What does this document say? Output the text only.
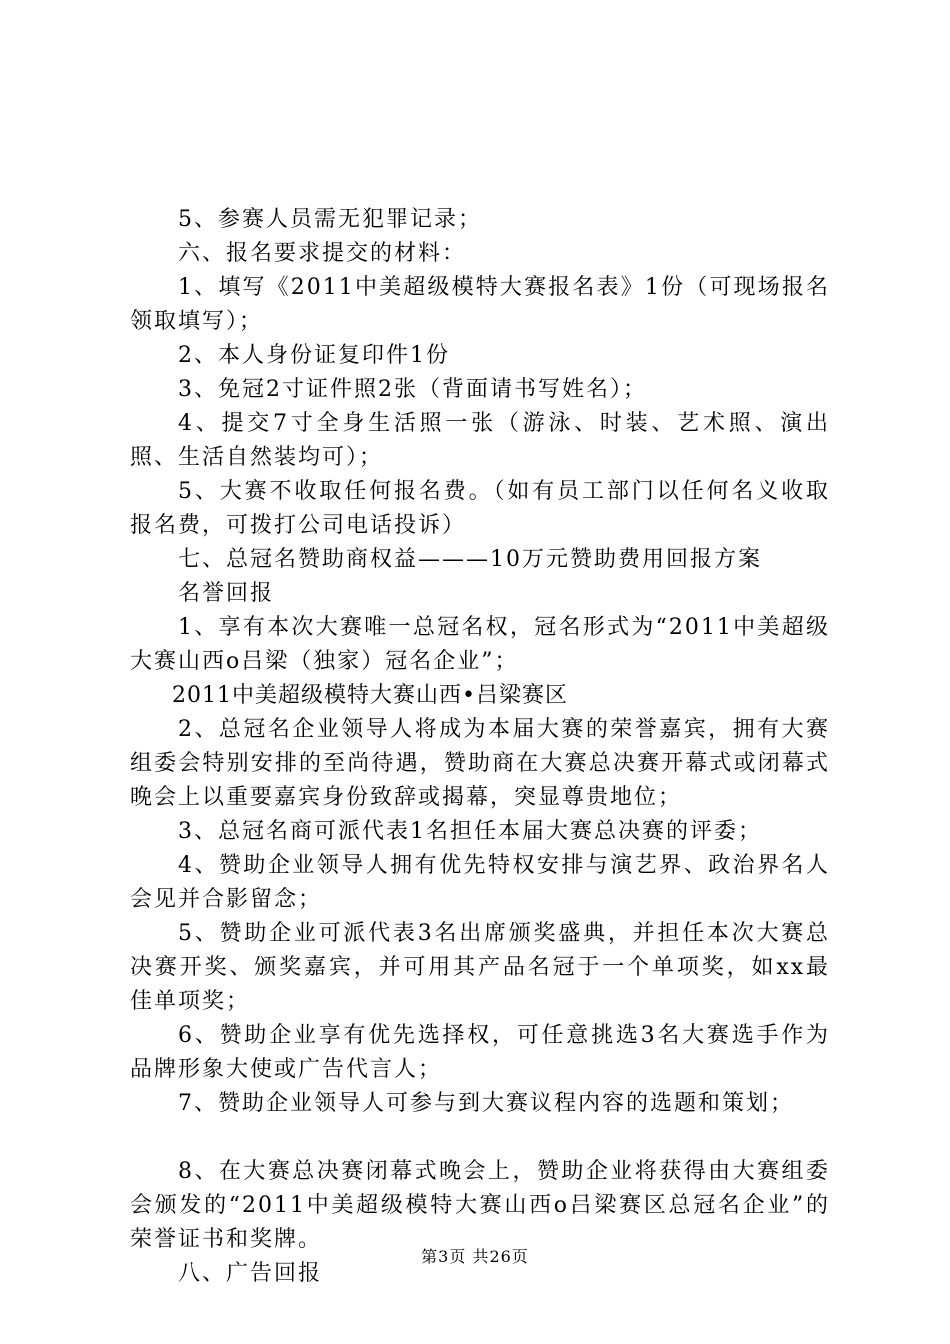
5、参赛人员需无犯罪记录；

六、报名要求提交的材料：

1、填写《2011中美超级模特大赛报名表》1份（可现场报名领取填写）；

2、本人身份证复印件1份

3、免冠2寸证件照2张（背面请书写姓名）；

4、提交7寸全身生活照一张（游泳、时装、艺术照、演出照、生活自然装均可）；

5、大赛不收取任何报名费。（如有员工部门以任何名义收取报名费，可拨打公司电话投诉）

七、总冠名赞助商权益———10万元赞助费用回报方案

名誉回报

1、享有本次大赛唯一总冠名权，冠名形式为“2011中美超级大赛山西o吕梁（独家）冠名企业”；

2011中美超级模特大赛山西•吕梁赛区

2、总冠名企业领导人将成为本届大赛的荣誉嘉宾，拥有大赛组委会特别安排的至尚待遇，赞助商在大赛总决赛开幕式或闭幕式晚会上以重要嘉宾身份致辞或揭幕，突显尊贵地位；

3、总冠名商可派代表1名担任本届大赛总决赛的评委；

4、赞助企业领导人拥有优先特权安排与演艺界、政治界名人会见并合影留念；

5、赞助企业可派代表3名出席颁奖盛典，并担任本次大赛总决赛开奖、颁奖嘉宾，并可用其产品名冠于一个单项奖，如xx最佳单项奖；

6、赞助企业享有优先选择权，可任意挑选3名大赛选手作为品牌形象大使或广告代言人；

7、赞助企业领导人可参与到大赛议程内容的选题和策划；

8、在大赛总决赛闭幕式晚会上，赞助企业将获得由大赛组委会颁发的“2011中美超级模特大赛山西o吕梁赛区总冠名企业”的荣誉证书和奖牌。

八、广告回报

第3页 共26页
